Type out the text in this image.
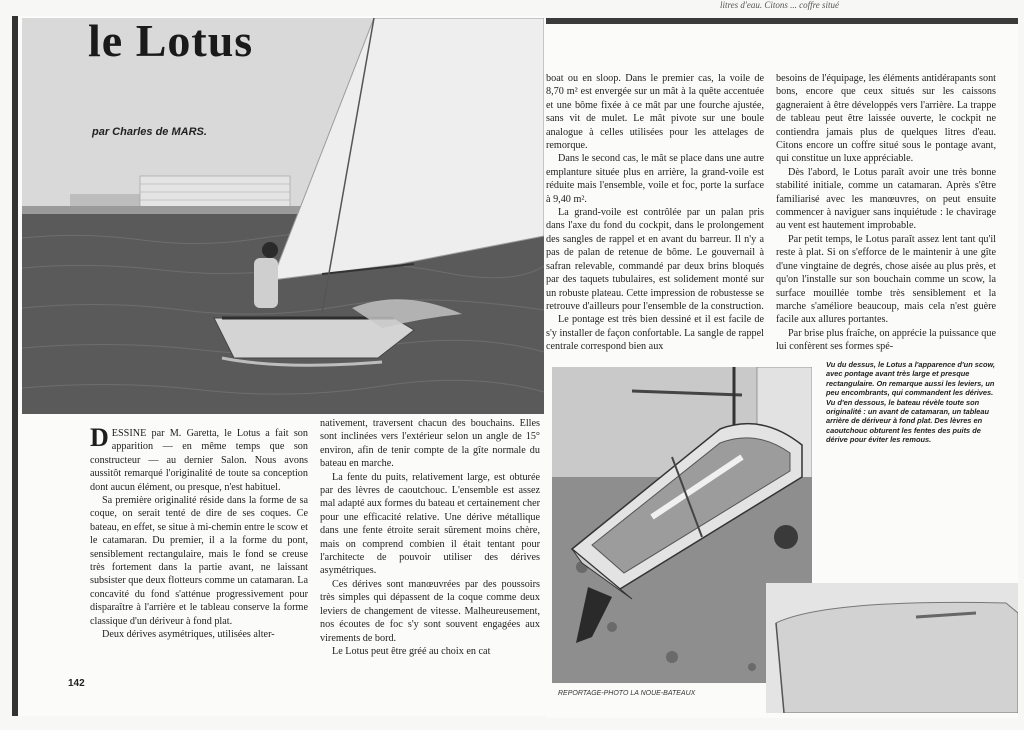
litres d'eau. Citons ... coffre situé
le Lotus
par Charles de MARS.

DESSINE par M. Garetta, le Lotus a fait son apparition — en même temps que son constructeur — au dernier Salon. Nous avons aussitôt remarqué l'originalité de toute sa conception dont aucun élément, ou presque, n'est habituel.

Sa première originalité réside dans la forme de sa coque, on serait tenté de dire de ses coques. Ce bateau, en effet, se situe à mi-chemin entre le scow et le catamaran. Du premier, il a la forme du pont, sensiblement rectangulaire, mais le fond se creuse très fortement dans la partie avant, ne laissant subsister que deux flotteurs comme un catamaran. La concavité du fond s'atténue progressivement pour disparaître à l'arrière et le tableau conserve la forme classique d'un dériveur à fond plat.

Deux dérives asymétriques, utilisées alter-

nativement, traversent chacun des bouchains. Elles sont inclinées vers l'extérieur selon un angle de 15° environ, afin de tenir compte de la gîte normale du bateau en marche.

La fente du puits, relativement large, est obturée par des lèvres de caoutchouc. L'ensemble est assez mal adapté aux formes du bateau et certainement cher pour une efficacité relative. Une dérive métallique dans une fente étroite serait sûrement moins chère, mais on comprend combien il était tentant pour l'architecte de pouvoir utiliser des dérives asymétriques.

Ces dérives sont manœuvrées par des poussoirs très simples qui dépassent de la coque comme deux leviers de changement de vitesse. Malheureusement, nos écoutes de foc s'y sont souvent engagées aux virements de bord.

Le Lotus peut être gréé au choix en cat

boat ou en sloop. Dans le premier cas, la voile de 8,70 m² est envergée sur un mât à la quête accentuée et une bôme fixée à ce mât par une fourche ajustée, sans vit de mulet. Le mât pivote sur une boule analogue à celles utilisées pour les attelages de remorque.

Dans le second cas, le mât se place dans une autre emplanture située plus en arrière, la grand-voile est réduite mais l'ensemble, voile et foc, porte la surface à 9,40 m².

La grand-voile est contrôlée par un palan pris dans l'axe du fond du cockpit, dans le prolongement des sangles de rappel et en avant du barreur. Il n'y a pas de palan de retenue de bôme. Le gouvernail à safran relevable, commandé par deux brins bloqués par des taquets tubulaires, est solidement monté sur un robuste plateau. Cette impression de robustesse se retrouve d'ailleurs pour l'ensemble de la construction.

Le pontage est très bien dessiné et il est facile de s'y installer de façon confortable. La sangle de rappel centrale correspond bien aux

besoins de l'équipage, les éléments antidérapants sont bons, encore que ceux situés sur les caissons gagneraient à être développés vers l'arrière. La trappe de tableau peut être laissée ouverte, le cockpit ne contiendra jamais plus de quelques litres d'eau. Citons encore un coffre situé sous le pontage avant, qui constitue un luxe appréciable.

Dès l'abord, le Lotus paraît avoir une très bonne stabilité initiale, comme un catamaran. Après s'être familiarisé avec les manœuvres, on peut ensuite commencer à naviguer sans inquiétude : le chavirage au vent est hautement improbable.

Par petit temps, le Lotus paraît assez lent tant qu'il reste à plat. Si on s'efforce de le maintenir à une gîte d'une vingtaine de degrés, chose aisée au plus près, et qu'on l'installe sur son bouchain comme un scow, la surface mouillée tombe très sensiblement et la marche s'améliore beaucoup, mais cela n'est guère facile aux allures portantes.

Par brise plus fraîche, on apprécie la puissance que lui confèrent ses formes spé-

Vu du dessus, le Lotus a l'apparence d'un scow, avec pontage avant très large et presque rectangulaire. On remarque aussi les leviers, un peu encombrants, qui commandent les dérives. Vu d'en dessous, le bateau révèle toute son originalité : un avant de catamaran, un tableau arrière de dériveur à fond plat. Des lèvres en caoutchouc obturent les fentes des puits de dérive pour éviter les remous.
REPORTAGE-PHOTO LA NOUE-BATEAUX
142
